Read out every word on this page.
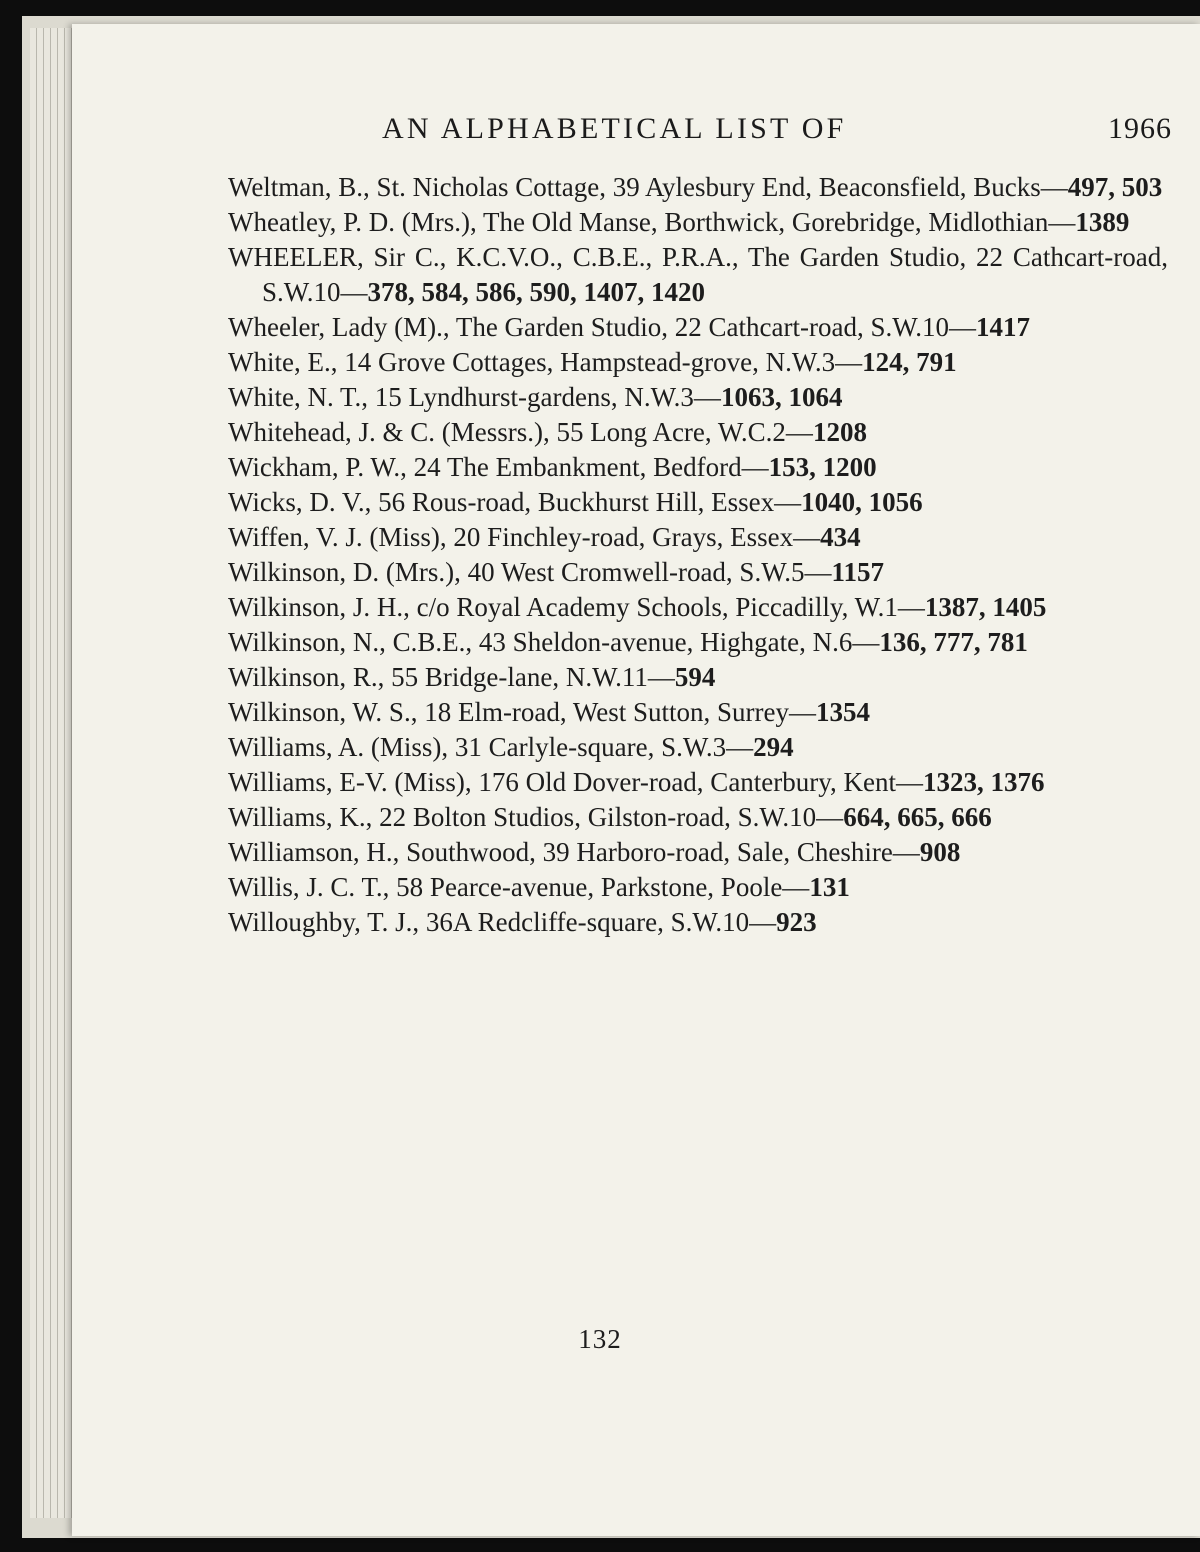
AN ALPHABETICAL LIST OF	1966
Weltman, B., St. Nicholas Cottage, 39 Aylesbury End, Beaconsfield, Bucks—497, 503
Wheatley, P. D. (Mrs.), The Old Manse, Borthwick, Gorebridge, Midlothian—1389
WHEELER, Sir C., K.C.V.O., C.B.E., P.R.A., The Garden Studio, 22 Cathcart-road, S.W.10—378, 584, 586, 590, 1407, 1420
Wheeler, Lady (M)., The Garden Studio, 22 Cathcart-road, S.W.10—1417
White, E., 14 Grove Cottages, Hampstead-grove, N.W.3—124, 791
White, N. T., 15 Lyndhurst-gardens, N.W.3—1063, 1064
Whitehead, J. & C. (Messrs.), 55 Long Acre, W.C.2—1208
Wickham, P. W., 24 The Embankment, Bedford—153, 1200
Wicks, D. V., 56 Rous-road, Buckhurst Hill, Essex—1040, 1056
Wiffen, V. J. (Miss), 20 Finchley-road, Grays, Essex—434
Wilkinson, D. (Mrs.), 40 West Cromwell-road, S.W.5—1157
Wilkinson, J. H., c/o Royal Academy Schools, Piccadilly, W.1—1387, 1405
Wilkinson, N., C.B.E., 43 Sheldon-avenue, Highgate, N.6—136, 777, 781
Wilkinson, R., 55 Bridge-lane, N.W.11—594
Wilkinson, W. S., 18 Elm-road, West Sutton, Surrey—1354
Williams, A. (Miss), 31 Carlyle-square, S.W.3—294
Williams, E-V. (Miss), 176 Old Dover-road, Canterbury, Kent—1323, 1376
Williams, K., 22 Bolton Studios, Gilston-road, S.W.10—664, 665, 666
Williamson, H., Southwood, 39 Harboro-road, Sale, Cheshire—908
Willis, J. C. T., 58 Pearce-avenue, Parkstone, Poole—131
Willoughby, T. J., 36A Redcliffe-square, S.W.10—923
132
